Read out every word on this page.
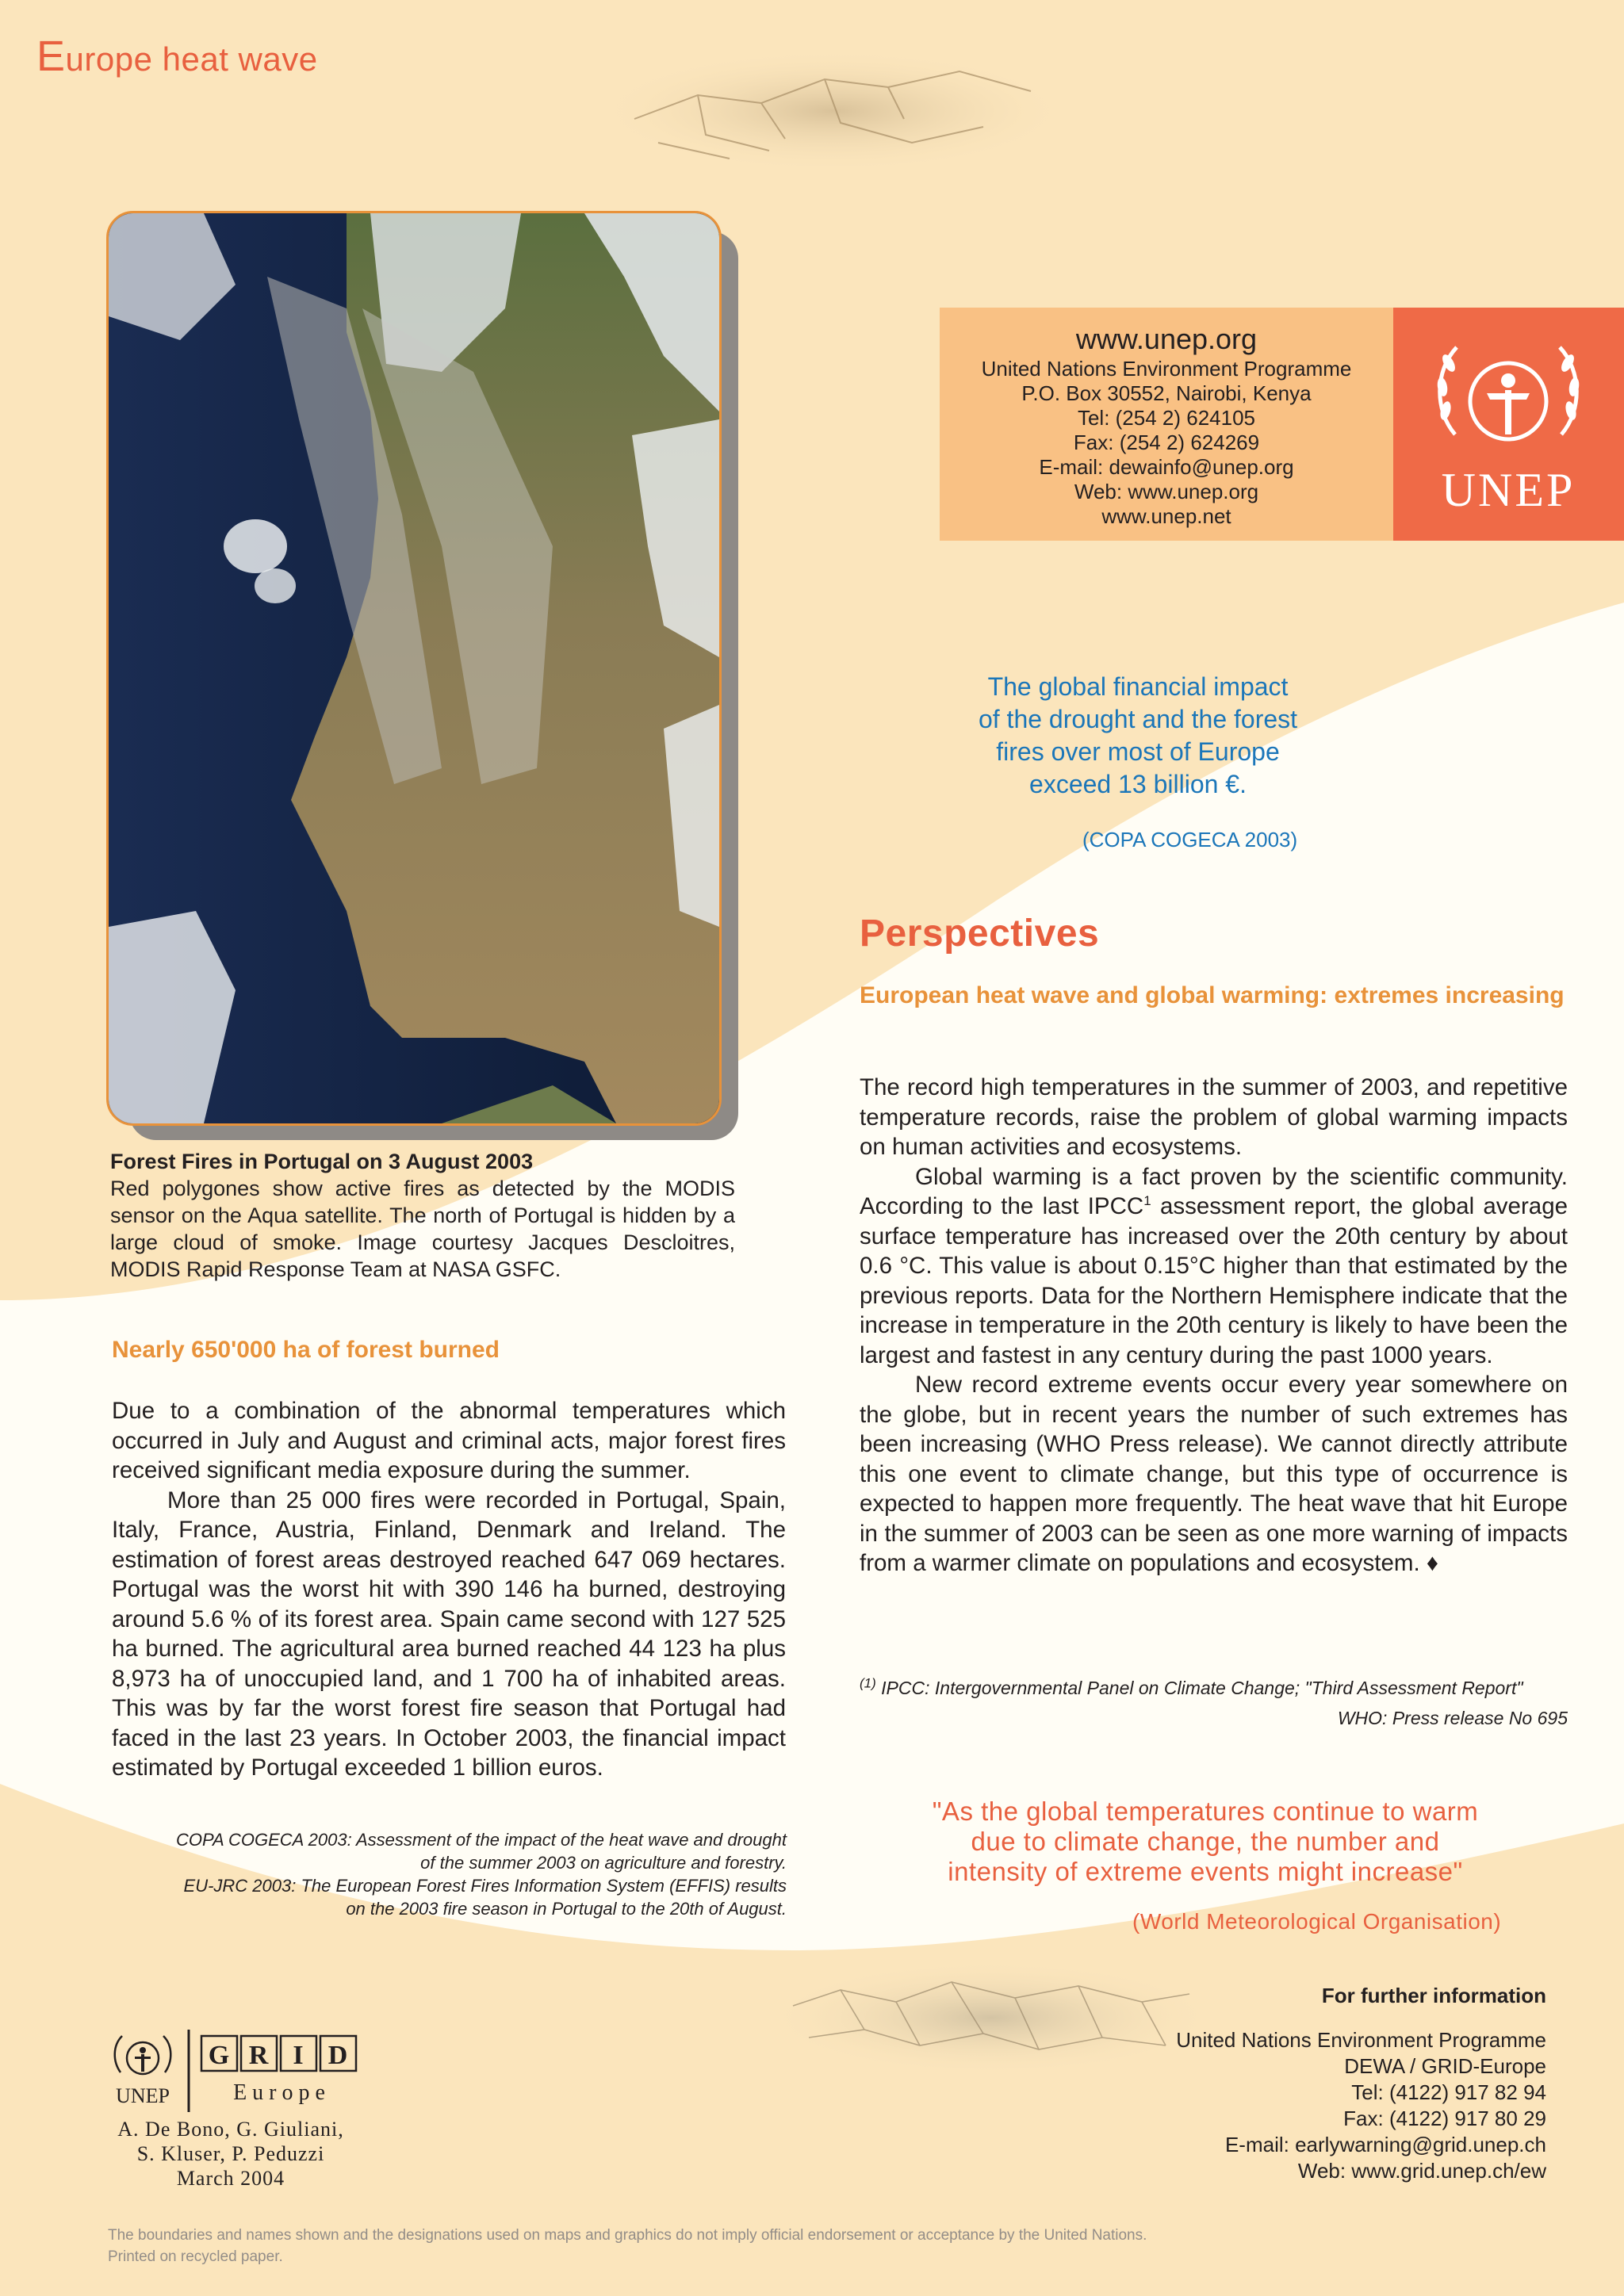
Europe heat wave
Forest Fires in Portugal on 3 August 2003
Red polygones show active fires as detected by the MODIS sensor on the Aqua satellite. The north of Portugal is hidden by a large cloud of smoke. Image courtesy Jacques Descloitres, MODIS Rapid Response Team at NASA GSFC.
Nearly 650'000 ha of forest burned
Due to a combination of the abnormal temperatures which occurred in July and August and criminal acts, major forest fires received significant media exposure during the summer.
More than 25 000 fires were recorded in Portugal, Spain, Italy, France, Austria, Finland, Denmark and Ireland. The estimation of forest areas destroyed reached 647 069 hectares. Portugal was the worst hit with 390 146 ha burned, destroying around 5.6 % of its forest area. Spain came second with 127 525 ha burned. The agricultural area burned reached 44 123 ha plus 8,973 ha of unoccupied land, and 1 700 ha of inhabited areas. This was by far the worst forest fire season that Portugal had faced in the last 23 years. In October 2003, the financial impact estimated by Portugal exceeded 1 billion euros.
COPA COGECA 2003: Assessment of the impact of the heat wave and drought
of the summer 2003 on agriculture and forestry.
EU-JRC 2003: The European Forest Fires Information System (EFFIS) results
on the 2003 fire season in Portugal to the 20th of August.
www.unep.org
United Nations Environment Programme
P.O. Box 30552, Nairobi, Kenya
Tel: (254 2) 624105
Fax: (254 2) 624269
E-mail: dewainfo@unep.org
Web: www.unep.org
www.unep.net	UNEP
The global financial impact
of the drought and the forest
fires over most of Europe
exceed 13 billion €.
(COPA COGECA 2003)
Perspectives
European heat wave and global warming: extremes increasing
The record high temperatures in the summer of 2003, and repetitive temperature records, raise the problem of global warming impacts on human activities and ecosystems.
Global warming is a fact proven by the scientific community. According to the last IPCC$^1$ assessment report, the global average surface temperature has increased over the 20th century by about 0.6 °C. This value is about 0.15°C higher than that estimated by the previous reports. Data for the Northern Hemisphere indicate that the increase in temperature in the 20th century is likely to have been the largest and fastest in any century during the past 1000 years.
New record extreme events occur every year somewhere on the globe, but in recent years the number of such extremes has been increasing (WHO Press release). We cannot directly attribute this one event to climate change, but this type of occurrence is expected to happen more frequently. The heat wave that hit Europe in the summer of 2003 can be seen as one more warning of impacts from a warmer climate on populations and ecosystem. ♦
$^{(1)}$ IPCC: Intergovernmental Panel on Climate Change; "Third Assessment Report"
WHO: Press release No 695
"As the global temperatures continue to warm
due to climate change, the number and
intensity of extreme events might increase"
(World Meteorological Organisation)
For further information
United Nations Environment Programme
DEWA / GRID-Europe
Tel: (4122) 917 82 94
Fax: (4122) 917 80 29
E-mail: earlywarning@grid.unep.ch
Web: www.grid.unep.ch/ew
UNEP
G R I D
E u r o p e
A. De Bono, G. Giuliani,
S. Kluser, P. Peduzzi
March 2004
The boundaries and names shown and the designations used on maps and graphics do not imply official endorsement or acceptance by the United Nations.
Printed on recycled paper.
